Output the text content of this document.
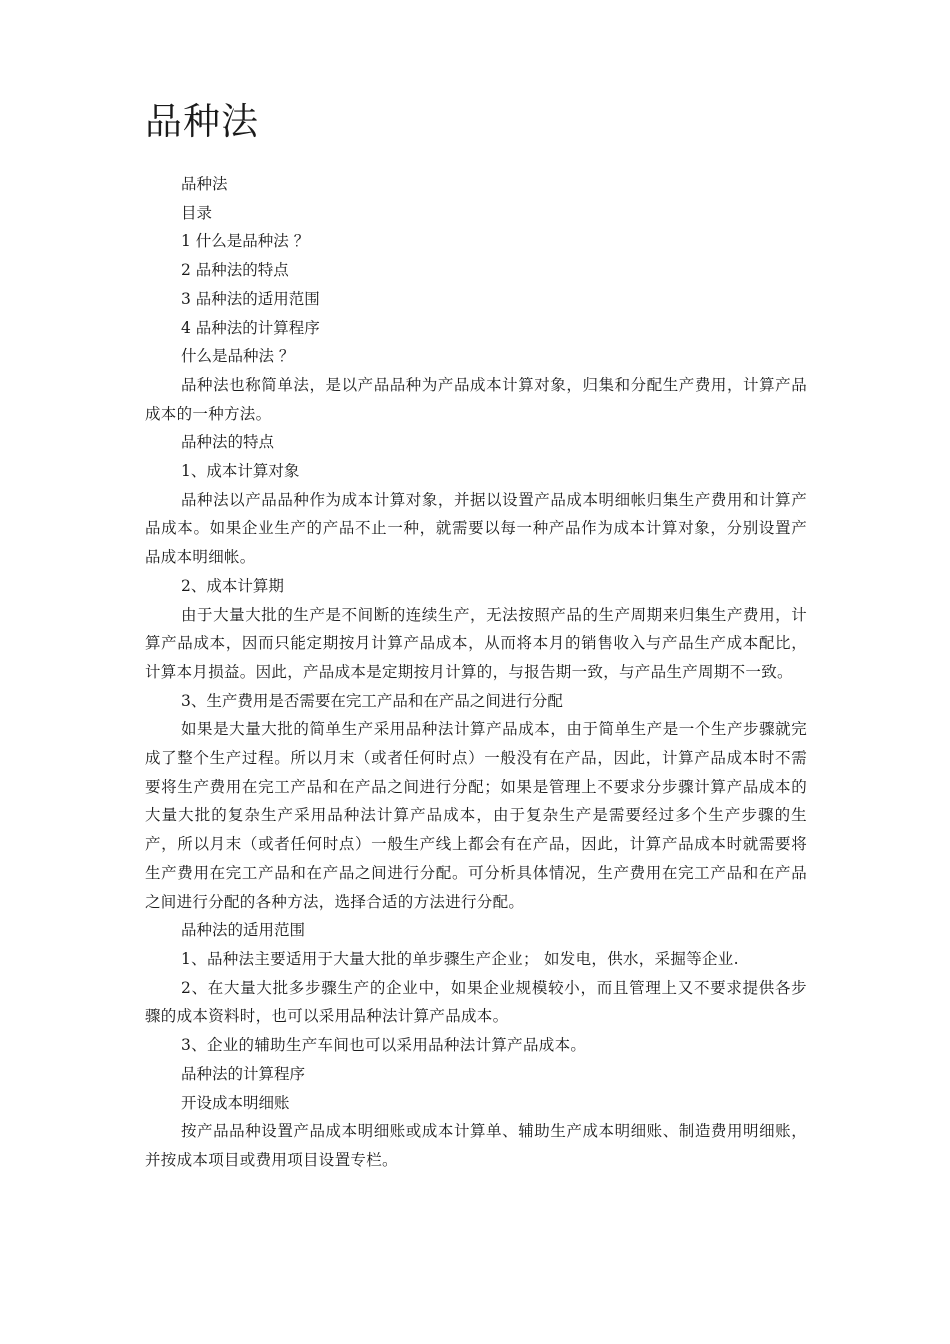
品种法

品种法

目录

1 什么是品种法 ？

2 品种法的特点

3 品种法的适用范围

4 品种法的计算程序

什么是品种法 ？

品种法也称简单法，是以产品品种为产品成本计算对象，归集和分配生产费用，计算产品成本的一种方法。

品种法的特点

1、成本计算对象

品种法以产品品种作为成本计算对象，并据以设置产品成本明细帐归集生产费用和计算产品成本。如果企业生产的产品不止一种，就需要以每一种产品作为成本计算对象，分别设置产品成本明细帐。

2、成本计算期

由于大量大批的生产是不间断的连续生产，无法按照产品的生产周期来归集生产费用，计算产品成本，因而只能定期按月计算产品成本，从而将本月的销售收入与产品生产成本配比，计算本月损益。因此，产品成本是定期按月计算的，与报告期一致，与产品生产周期不一致。

3、生产费用是否需要在完工产品和在产品之间进行分配

如果是大量大批的简单生产采用品种法计算产品成本，由于简单生产是一个生产步骤就完成了整个生产过程。所以月末（或者任何时点）一般没有在产品，因此，计算产品成本时不需要将生产费用在完工产品和在产品之间进行分配；如果是管理上不要求分步骤计算产品成本的大量大批的复杂生产采用品种法计算产品成本，由于复杂生产是需要经过多个生产步骤的生产，所以月末（或者任何时点）一般生产线上都会有在产品，因此，计算产品成本时就需要将生产费用在完工产品和在产品之间进行分配。可分析具体情况，生产费用在完工产品和在产品之间进行分配的各种方法，选择合适的方法进行分配。

品种法的适用范围

1、品种法主要适用于大量大批的单步骤生产企业； 如发电，供水，采掘等企业.

2、在大量大批多步骤生产的企业中，如果企业规模较小，而且管理上又不要求提供各步骤的成本资料时，也可以采用品种法计算产品成本。

3、企业的辅助生产车间也可以采用品种法计算产品成本。

品种法的计算程序

开设成本明细账

按产品品种设置产品成本明细账或成本计算单、辅助生产成本明细账、制造费用明细账，并按成本项目或费用项目设置专栏。
